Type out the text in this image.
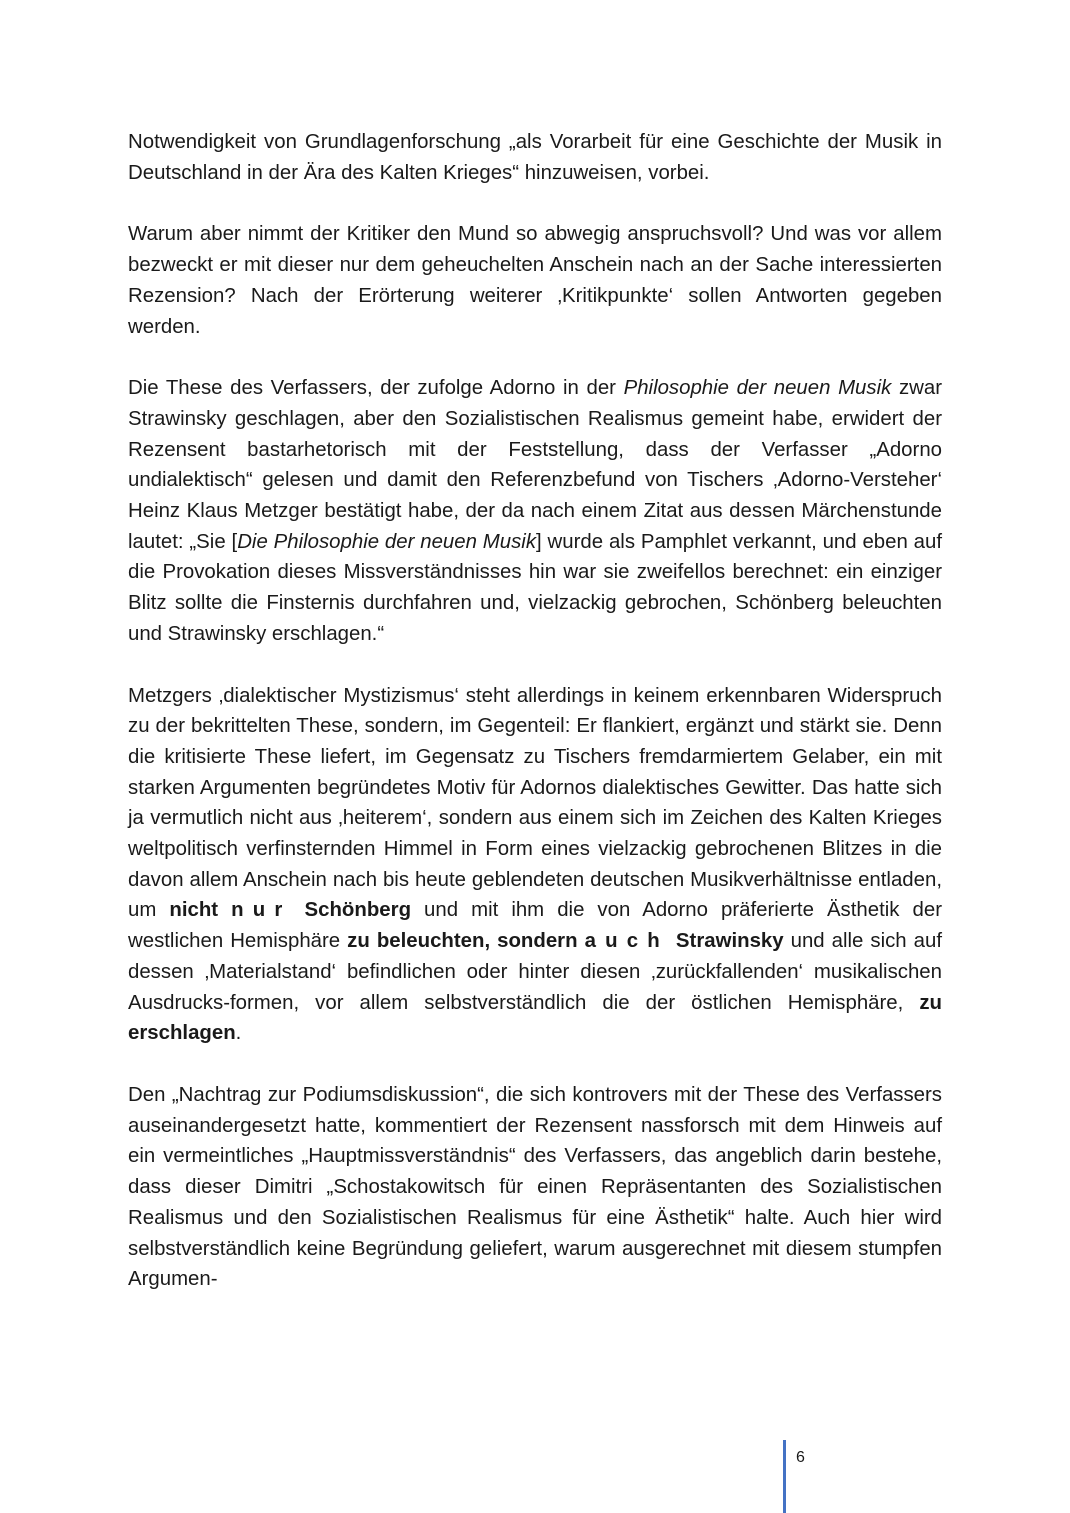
Notwendigkeit von Grundlagenforschung „als Vorarbeit für eine Geschichte der Musik in Deutschland in der Ära des Kalten Krieges“ hinzuweisen, vorbei.

Warum aber nimmt der Kritiker den Mund so abwegig anspruchsvoll? Und was vor allem bezweckt er mit dieser nur dem geheuchelten Anschein nach an der Sache interessierten Rezension? Nach der Erörterung weiterer ‚Kritikpunkte‘ sollen Antworten gegeben werden.

Die These des Verfassers, der zufolge Adorno in der Philosophie der neuen Musik zwar Strawinsky geschlagen, aber den Sozialistischen Realismus gemeint habe, erwidert der Rezensent bastarhetorisch mit der Feststellung, dass der Verfasser „Adorno undialektisch“ gelesen und damit den Referenzbefund von Tischers ‚Adorno-Versteher‘ Heinz Klaus Metzger bestätigt habe, der da nach einem Zitat aus dessen Märchenstunde lautet: „Sie [Die Philosophie der neuen Musik] wurde als Pamphlet verkannt, und eben auf die Provokation dieses Missverständnisses hin war sie zweifellos berechnet: ein einziger Blitz sollte die Finsternis durchfahren und, vielzackig gebrochen, Schönberg beleuchten und Strawinsky erschlagen.“

Metzgers ‚dialektischer Mystizismus‘ steht allerdings in keinem erkennbaren Widerspruch zu der bekrittelten These, sondern, im Gegenteil: Er flankiert, ergänzt und stärkt sie. Denn die kritisierte These liefert, im Gegensatz zu Tischers fremdarmiertem Gelaber, ein mit starken Argumenten begründetes Motiv für Adornos dialektisches Gewitter. Das hatte sich ja vermutlich nicht aus ‚heiterem‘, sondern aus einem sich im Zeichen des Kalten Krieges weltpolitisch verfinsternden Himmel in Form eines vielzackig gebrochenen Blitzes in die davon allem Anschein nach bis heute geblendeten deutschen Musikverhältnisse entladen, um nicht nur Schönberg und mit ihm die von Adorno präferierte Ästhetik der westlichen Hemisphäre zu beleuchten, sondern auch Strawinsky und alle sich auf dessen ‚Materialstand‘ befindlichen oder hinter diesen ‚zurückfallenden‘ musikalischen Ausdrucks-formen, vor allem selbstverständlich die der östlichen Hemisphäre, zu erschlagen.

Den „Nachtrag zur Podiumsdiskussion“, die sich kontrovers mit der These des Verfassers auseinandergesetzt hatte, kommentiert der Rezensent nassforsch mit dem Hinweis auf ein vermeintliches „Hauptmissverständnis“ des Verfassers, das angeblich darin bestehe, dass dieser Dimitri „Schostakowitsch für einen Repräsentanten des Sozialistischen Realismus und den Sozialistischen Realismus für eine Ästhetik“ halte. Auch hier wird selbstverständlich keine Begründung geliefert, warum ausgerechnet mit diesem stumpfen Argumen-

6
